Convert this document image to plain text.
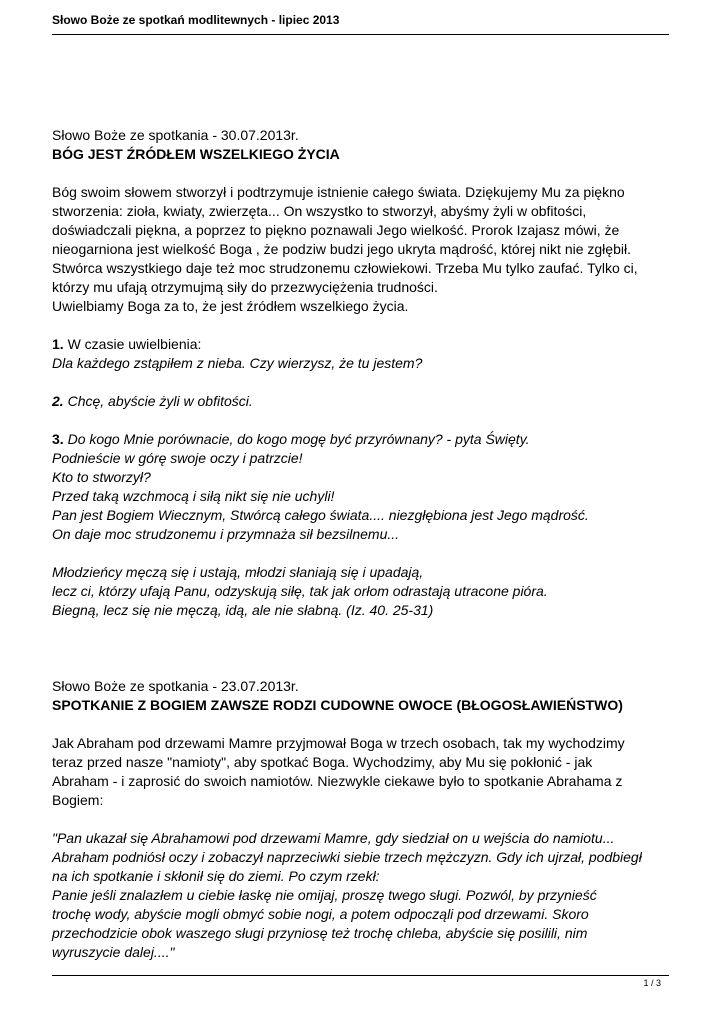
Słowo Boże ze spotkań modlitewnych - lipiec 2013

Słowo Boże ze spotkania - 30.07.2013r.

BÓG JEST ŹRÓDŁEM WSZELKIEGO ŻYCIA

Bóg swoim słowem stworzył i podtrzymuje istnienie całego świata. Dziękujemy Mu za piękno

stworzenia: zioła, kwiaty, zwierzęta... On wszystko to stworzył, abyśmy żyli w obfitości,

doświadczali piękna, a poprzez to piękno poznawali Jego wielkość. Prorok Izajasz mówi, że

nieogarniona jest wielkość Boga , że podziw budzi jego ukryta mądrość, której nikt nie zgłębił.

Stwórca wszystkiego daje też moc strudzonemu człowiekowi. Trzeba Mu tylko zaufać. Tylko ci,

którzy mu ufają otrzymujmą siły do przezwyciężenia trudności.

Uwielbiamy Boga za to, że jest źródłem wszelkiego życia.

1. W czasie uwielbienia:

Dla każdego zstąpiłem z nieba. Czy wierzysz, że tu jestem?

2. Chcę, abyście żyli w obfitości.

3. Do kogo Mnie porównacie, do kogo mogę być przyrównany? - pyta Święty.

Podnieście w górę swoje oczy i patrzcie!

Kto to stworzył?

Przed taką wzchmocą i siłą nikt się nie uchyli!

Pan jest Bogiem Wiecznym, Stwórcą całego świata.... niezgłębiona jest Jego mądrość.

On daje moc strudzonemu i przymnaża sił bezsilnemu...

Młodzieńcy męczą się i ustają, młodzi słaniają się i upadają,

lecz ci, którzy ufają Panu, odzyskują siłę, tak jak orłom odrastają utracone pióra.

Biegną, lecz się nie męczą, idą, ale nie słabną. (Iz. 40. 25-31)

Słowo Boże ze spotkania - 23.07.2013r.

SPOTKANIE Z BOGIEM ZAWSZE RODZI CUDOWNE OWOCE (BŁOGOSŁAWIEŃSTWO)

Jak Abraham pod drzewami Mamre przyjmował Boga w trzech osobach, tak my wychodzimy

teraz przed nasze "namioty", aby spotkać Boga. Wychodzimy, aby Mu się pokłonić - jak

Abraham - i zaprosić do swoich namiotów. Niezwykle ciekawe było to spotkanie Abrahama z

Bogiem:

"Pan ukazał się Abrahamowi pod drzewami Mamre, gdy siedział on u wejścia do namiotu...

Abraham podniósł oczy i zobaczył naprzeciwki siebie trzech mężczyzn. Gdy ich ujrzał, podbiegł

na ich spotkanie i skłonił się do ziemi. Po czym rzekł:

Panie jeśli znalazłem u ciebie łaskę nie omijaj, proszę twego sługi. Pozwól, by przynieść

trochę wody, abyście mogli obmyć sobie nogi, a potem odpocząli pod drzewami. Skoro

przechodzicie obok waszego sługi przyniosę też trochę chleba, abyście się posilili, nim

wyruszycie dalej...."

1 / 3
